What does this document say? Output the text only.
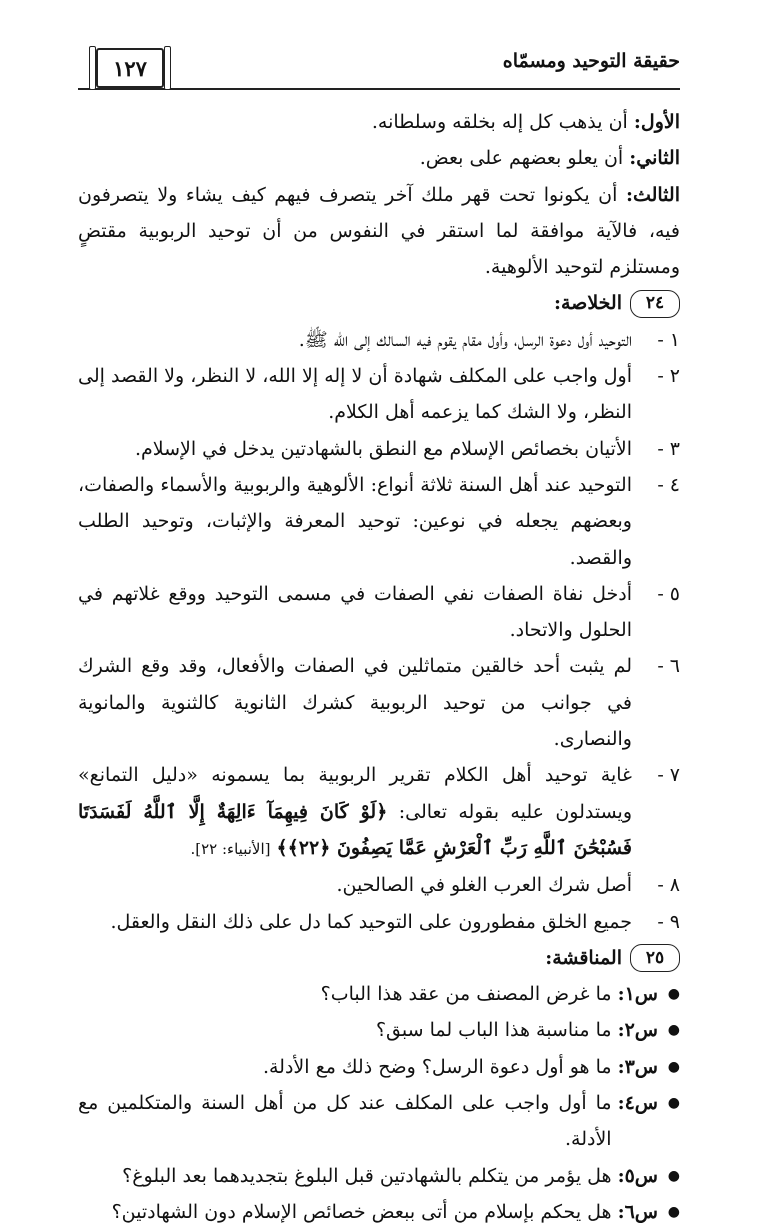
حقيقة التوحيد ومسمّاه
١٢٧

الأول: أن يذهب كل إله بخلقه وسلطانه.

الثاني: أن يعلو بعضهم على بعض.

الثالث: أن يكونوا تحت قهر ملك آخر يتصرف فيهم كيف يشاء ولا يتصرفون فيه، فالآية موافقة لما استقر في النفوس من أن توحيد الربوبية مقتضٍ ومستلزم لتوحيد الألوهية.

٢٤
الخلاصة:
١ -
التوحيد أول دعوة الرسل، وأول مقام يقوم فيه السالك إلى الله ﷺ.
٢ -
أول واجب على المكلف شهادة أن لا إله إلا الله، لا النظر، ولا القصد إلى النظر، ولا الشك كما يزعمه أهل الكلام.
٣ -
الأتيان بخصائص الإسلام مع النطق بالشهادتين يدخل في الإسلام.
٤ -
التوحيد عند أهل السنة ثلاثة أنواع: الألوهية والربوبية والأسماء والصفات، وبعضهم يجعله في نوعين: توحيد المعرفة والإثبات، وتوحيد الطلب والقصد.
٥ -
أدخل نفاة الصفات نفي الصفات في مسمى التوحيد ووقع غلاتهم في الحلول والاتحاد.
٦ -
لم يثبت أحد خالقين متماثلين في الصفات والأفعال، وقد وقع الشرك في جوانب من توحيد الربوبية كشرك الثانوية كالثنوية والمانوية والنصارى.
٧ -
غاية توحيد أهل الكلام تقرير الربوبية بما يسمونه «دليل التمانع» ويستدلون عليه بقوله تعالى: ﴿لَوْ كَانَ فِيهِمَآ ءَالِهَةٌ إِلَّا ٱللَّهُ لَفَسَدَتَا فَسُبْحَٰنَ ٱللَّهِ رَبِّ ٱلْعَرْشِ عَمَّا يَصِفُونَ ﴿٢٢﴾﴾ [الأنبياء: ٢٢].
٨ -
أصل شرك العرب الغلو في الصالحين.
٩ -
جميع الخلق مفطورون على التوحيد كما دل على ذلك النقل والعقل.
٢٥
المناقشة:
●
س١:
ما غرض المصنف من عقد هذا الباب؟
●
س٢:
ما مناسبة هذا الباب لما سبق؟
●
س٣:
ما هو أول دعوة الرسل؟ وضح ذلك مع الأدلة.
●
س٤:
ما أول واجب على المكلف عند كل من أهل السنة والمتكلمين مع الأدلة.
●
س٥:
هل يؤمر من يتكلم بالشهادتين قبل البلوغ بتجديدهما بعد البلوغ؟
●
س٦:
هل يحكم بإسلام من أتى ببعض خصائص الإسلام دون الشهادتين؟
